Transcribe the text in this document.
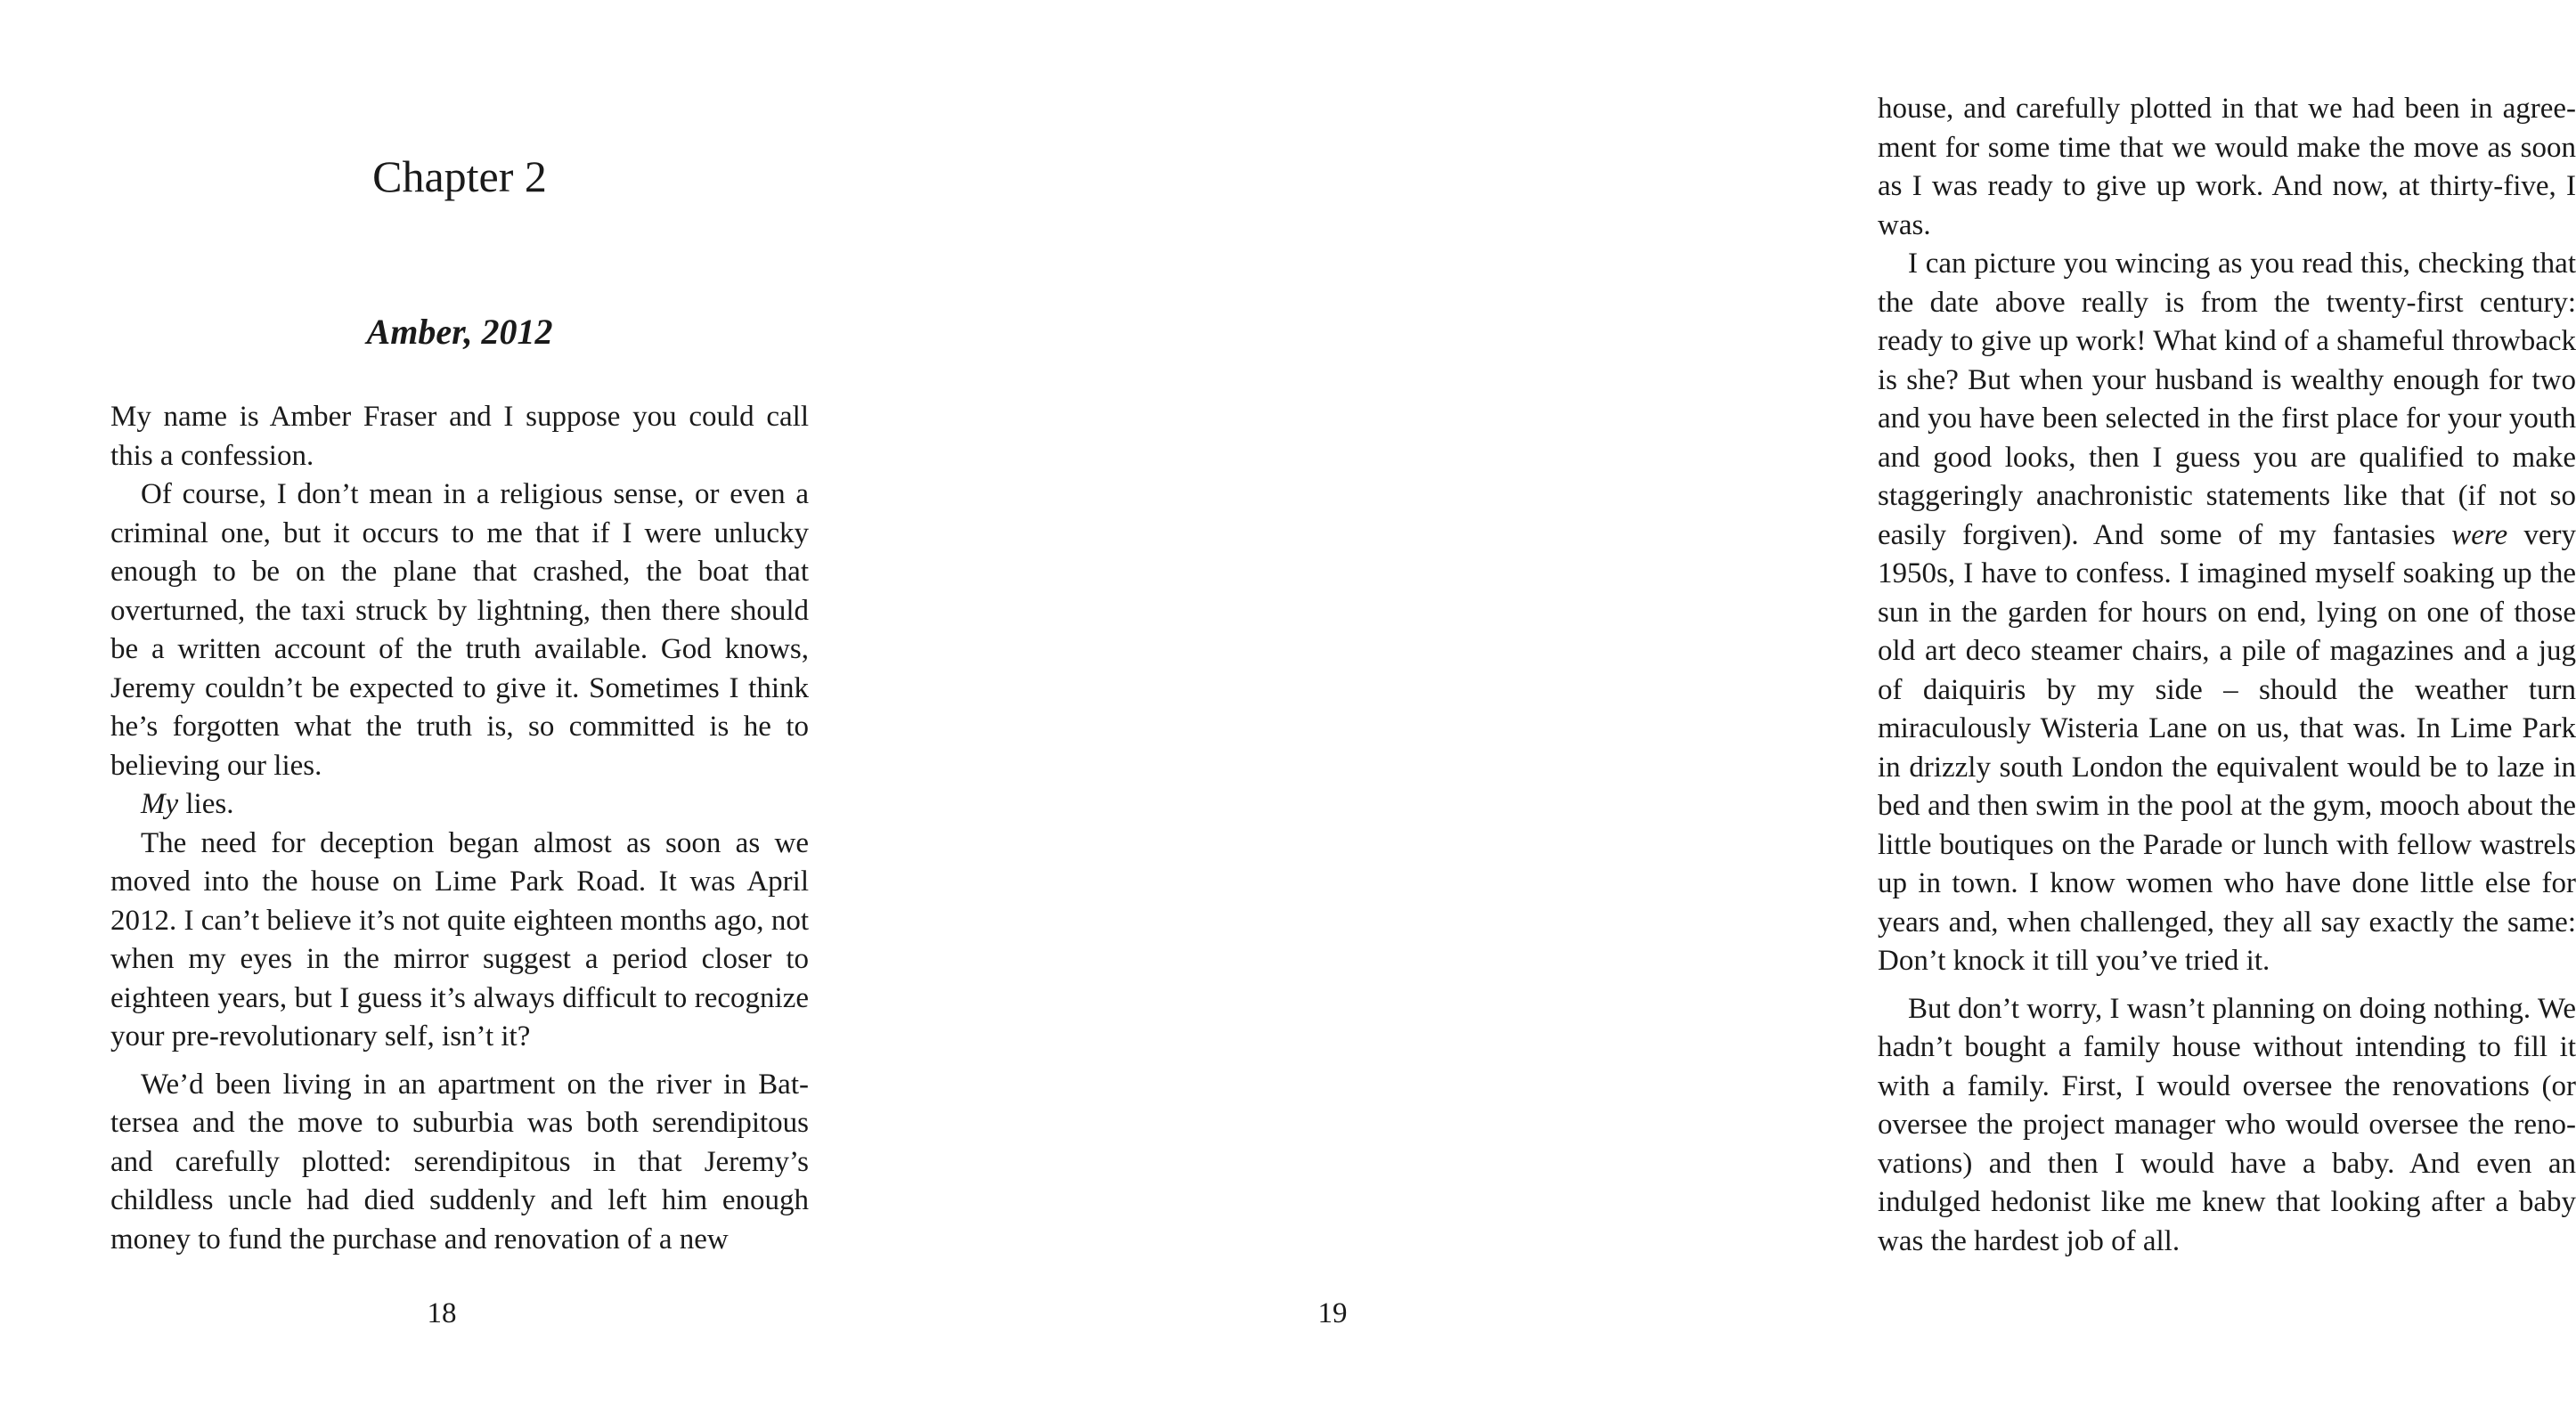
Chapter 2
Amber, 2012

My name is Amber Fraser and I suppose you could call this a confession.

Of course, I don’t mean in a religious sense, or even a criminal one, but it occurs to me that if I were unlucky enough to be on the plane that crashed, the boat that overturned, the taxi struck by lightning, then there should be a written account of the truth available. God knows, Jeremy couldn’t be expected to give it. Sometimes I think he’s forgotten what the truth is, so committed is he to believing our lies.

My lies.

The need for deception began almost as soon as we moved into the house on Lime Park Road. It was April 2012. I can’t believe it’s not quite eighteen months ago, not when my eyes in the mirror suggest a period closer to eighteen years, but I guess it’s always difficult to recognize your pre-revolutionary self, isn’t it?

We’d been living in an apartment on the river in Battersea and the move to suburbia was both serendipitous and carefully plotted: serendipitous in that Jeremy’s childless uncle had died suddenly and left him enough money to fund the purchase and renovation of a new

18

house, and carefully plotted in that we had been in agreement for some time that we would make the move as soon as I was ready to give up work. And now, at thirty-five, I was.

I can picture you wincing as you read this, checking that the date above really is from the twenty-first century: ready to give up work! What kind of a shameful throwback is she? But when your husband is wealthy enough for two and you have been selected in the first place for your youth and good looks, then I guess you are qualified to make staggeringly anachronistic statements like that (if not so easily forgiven). And some of my fantasies were very 1950s, I have to confess. I imagined myself soaking up the sun in the garden for hours on end, lying on one of those old art deco steamer chairs, a pile of magazines and a jug of daiquiris by my side – should the weather turn miraculously Wisteria Lane on us, that was. In Lime Park in drizzly south London the equivalent would be to laze in bed and then swim in the pool at the gym, mooch about the little boutiques on the Parade or lunch with fellow wastrels up in town. I know women who have done little else for years and, when challenged, they all say exactly the same: Don’t knock it till you’ve tried it.

But don’t worry, I wasn’t planning on doing nothing. We hadn’t bought a family house without intending to fill it with a family. First, I would oversee the renovations (or oversee the project manager who would oversee the renovations) and then I would have a baby. And even an indulged hedonist like me knew that looking after a baby was the hardest job of all.

19
